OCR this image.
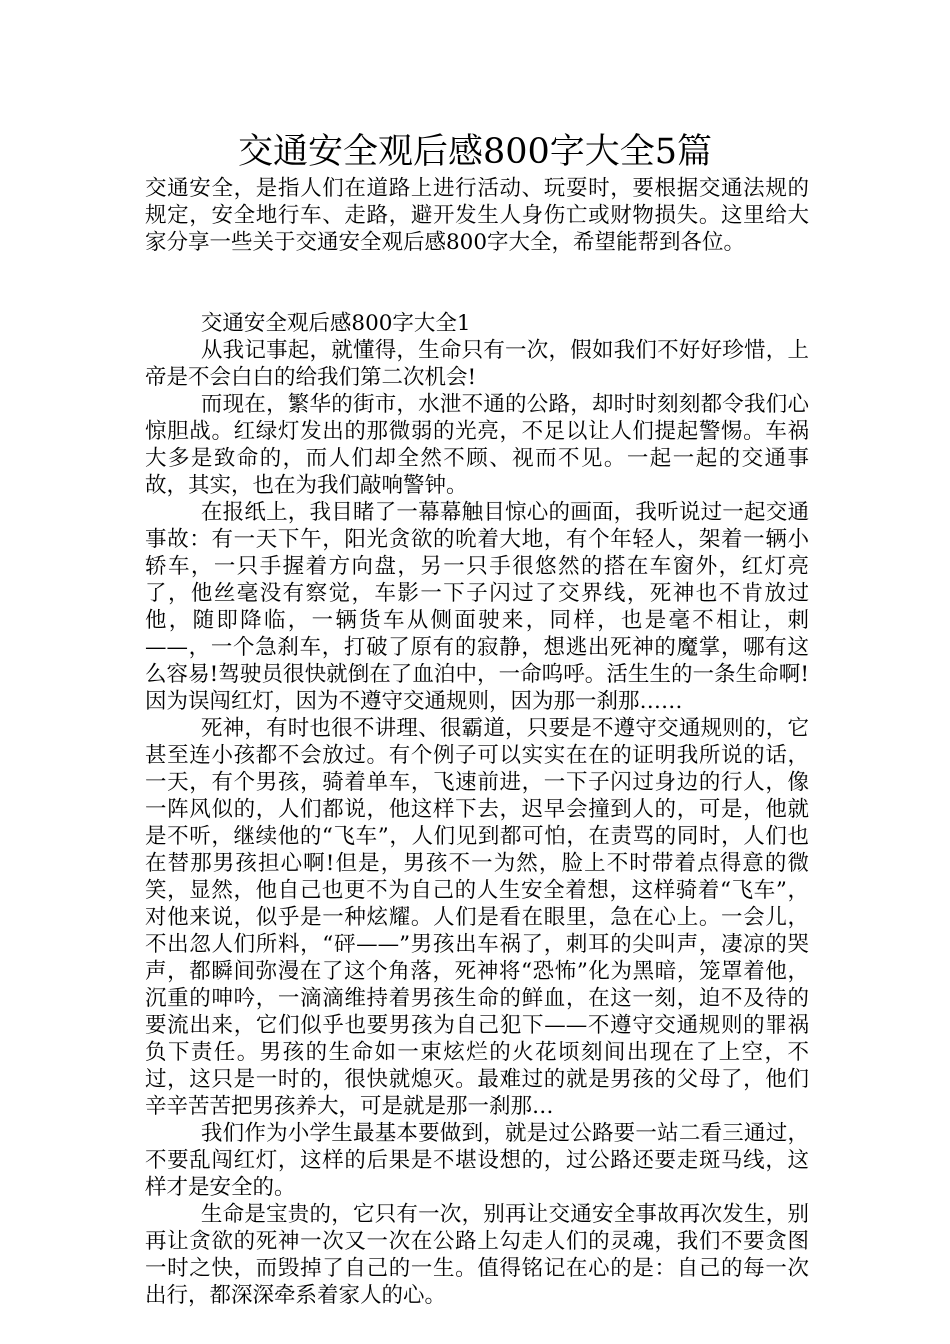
交通安全观后感800字大全5篇

交通安全，是指人们在道路上进行活动、玩耍时，要根据交通法规的规定，安全地行车、走路，避开发生人身伤亡或财物损失。这里给大家分享一些关于交通安全观后感800字大全，希望能帮到各位。

交通安全观后感800字大全1

从我记事起，就懂得，生命只有一次，假如我们不好好珍惜，上帝是不会白白的给我们第二次机会!

而现在，繁华的街市，水泄不通的公路，却时时刻刻都令我们心惊胆战。红绿灯发出的那微弱的光亮，不足以让人们提起警惕。车祸大多是致命的，而人们却全然不顾、视而不见。一起一起的交通事故，其实，也在为我们敲响警钟。

在报纸上，我目睹了一幕幕触目惊心的画面，我听说过一起交通事故：有一天下午，阳光贪欲的吮着大地，有个年轻人，架着一辆小轿车，一只手握着方向盘，另一只手很悠然的搭在车窗外，红灯亮了，他丝毫没有察觉，车影一下子闪过了交界线，死神也不肯放过他，随即降临，一辆货车从侧面驶来，同样，也是毫不相让，刺——，一个急刹车，打破了原有的寂静，想逃出死神的魔掌，哪有这么容易!驾驶员很快就倒在了血泊中，一命呜呼。活生生的一条生命啊!因为误闯红灯，因为不遵守交通规则，因为那一刹那……

死神，有时也很不讲理、很霸道，只要是不遵守交通规则的，它甚至连小孩都不会放过。有个例子可以实实在在的证明我所说的话，一天，有个男孩，骑着单车，飞速前进，一下子闪过身边的行人，像一阵风似的，人们都说，他这样下去，迟早会撞到人的，可是，他就是不听，继续他的“飞车”，人们见到都可怕，在责骂的同时，人们也在替那男孩担心啊!但是，男孩不一为然，脸上不时带着点得意的微笑，显然，他自己也更不为自己的人生安全着想，这样骑着“飞车”，对他来说，似乎是一种炫耀。人们是看在眼里，急在心上。一会儿，不出忽人们所料，“砰——”男孩出车祸了，刺耳的尖叫声，凄凉的哭声，都瞬间弥漫在了这个角落，死神将“恐怖”化为黑暗，笼罩着他，沉重的呻吟，一滴滴维持着男孩生命的鲜血，在这一刻，迫不及待的要流出来，它们似乎也要男孩为自己犯下——不遵守交通规则的罪祸负下责任。男孩的生命如一束炫烂的火花顷刻间出现在了上空，不过，这只是一时的，很快就熄灭。最难过的就是男孩的父母了，他们辛辛苦苦把男孩养大，可是就是那一刹那…

我们作为小学生最基本要做到，就是过公路要一站二看三通过，不要乱闯红灯，这样的后果是不堪设想的，过公路还要走斑马线，这样才是安全的。

生命是宝贵的，它只有一次，别再让交通安全事故再次发生，别再让贪欲的死神一次又一次在公路上勾走人们的灵魂，我们不要贪图一时之快，而毁掉了自己的一生。值得铭记在心的是：自己的每一次出行，都深深牵系着家人的心。
